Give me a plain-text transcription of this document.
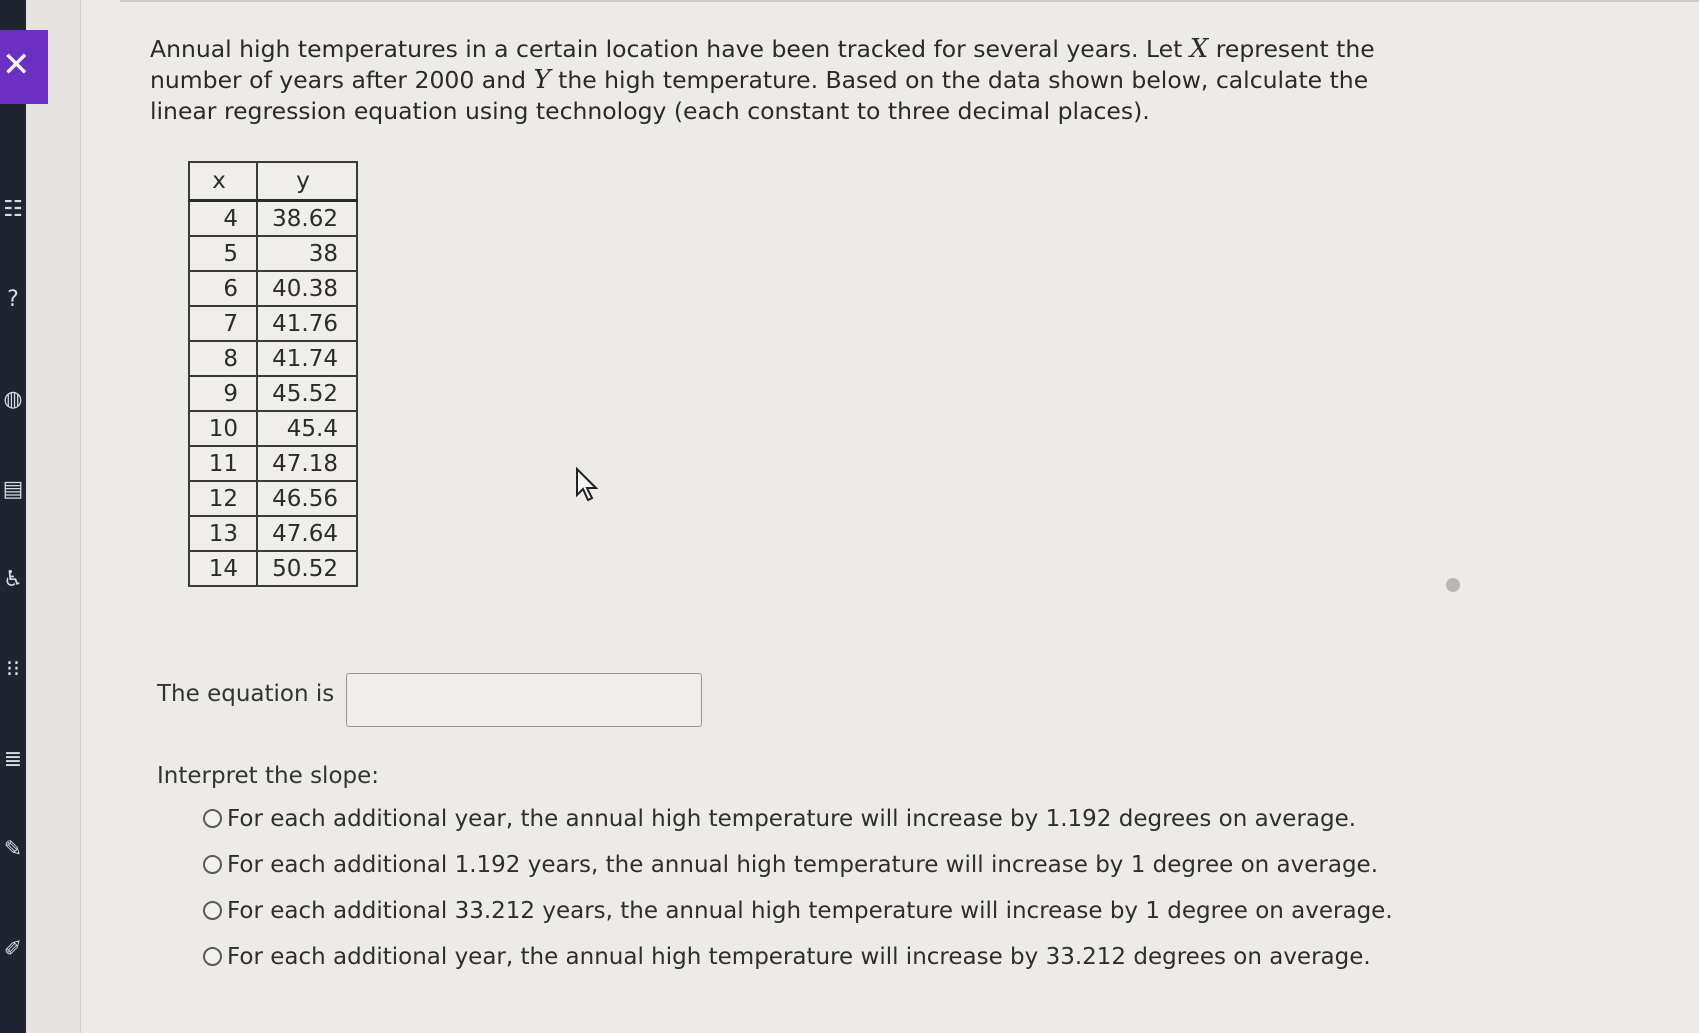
☷
?
◍
▤
♿
⁝⁝
≣
✎
✐
✕	Annual high temperatures in a certain location have been tracked for several years. Let X represent the number of years after 2000 and Y the high temperature. Based on the data shown below, calculate the linear regression equation using technology (each constant to three decimal places).
x	y
4	38.62
5	38
6	40.38
7	41.76
8	41.74
9	45.52
10	45.4
11	47.18
12	46.56
13	47.64
14	50.52
The equation is
Interpret the slope:
For each additional year, the annual high temperature will increase by 1.192 degrees on average.
For each additional 1.192 years, the annual high temperature will increase by 1 degree on average.
For each additional 33.212 years, the annual high temperature will increase by 1 degree on average.
For each additional year, the annual high temperature will increase by 33.212 degrees on average.
